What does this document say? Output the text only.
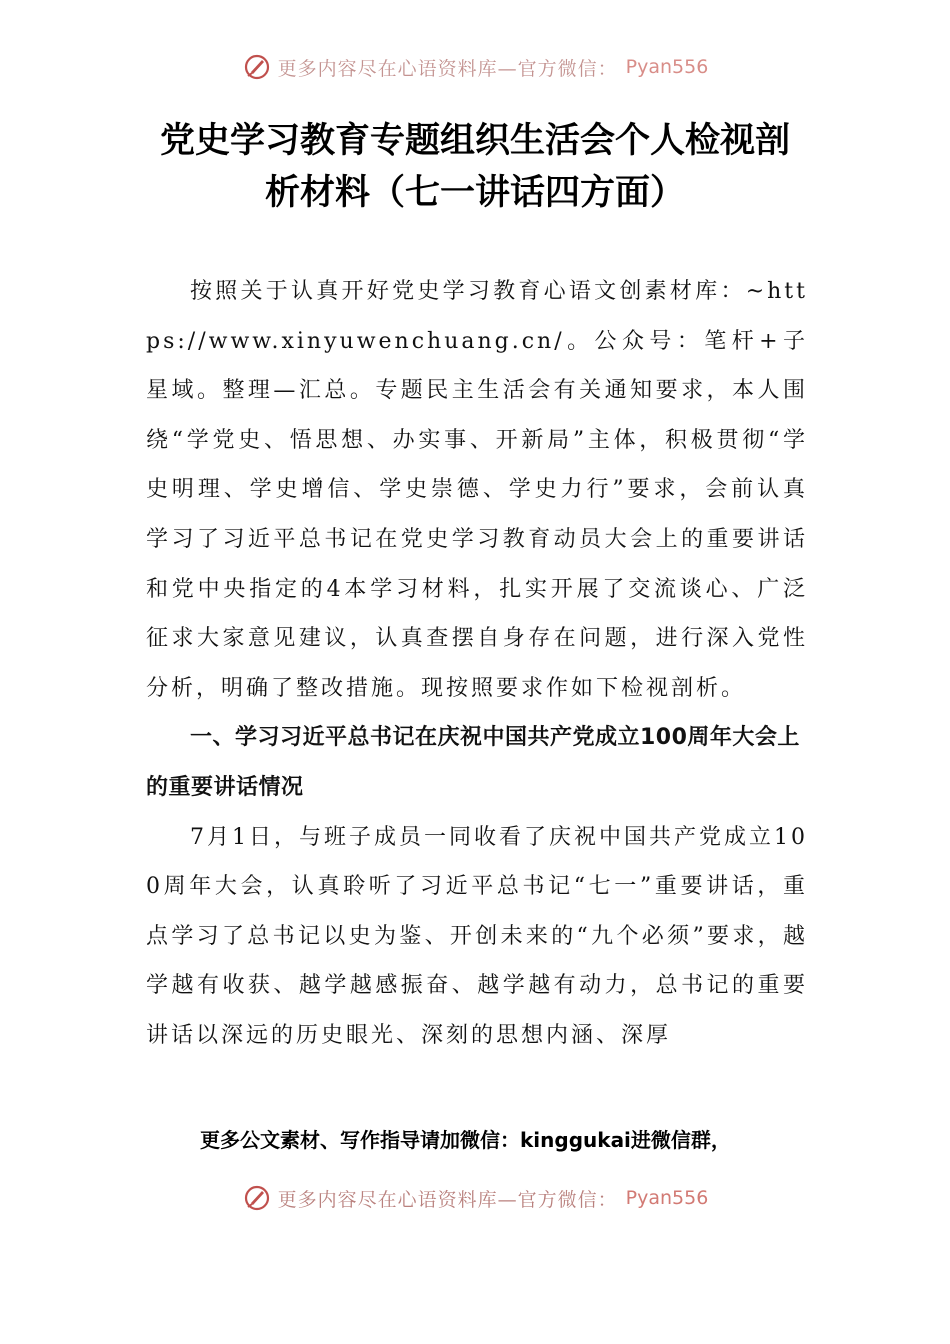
更多内容尽在心语资料库—官方微信： Pyan556
党史学习教育专题组织生活会个人检视剖析材料（七一讲话四方面）

按照关于认真开好党史学习教育心语文创素材库：~https://www.xinyuwenchuang.cn/。公众号：笔杆+子星域。整理—汇总。专题民主生活会有关通知要求，本人围绕“学党史、悟思想、办实事、开新局”主体，积极贯彻“学史明理、学史增信、学史崇德、学史力行”要求，会前认真学习了习近平总书记在党史学习教育动员大会上的重要讲话和党中央指定的4本学习材料，扎实开展了交流谈心、广泛征求大家意见建议，认真查摆自身存在问题，进行深入党性分析，明确了整改措施。现按照要求作如下检视剖析。

一、学习习近平总书记在庆祝中国共产党成立100周年大会上的重要讲话情况

7月1日，与班子成员一同收看了庆祝中国共产党成立100周年大会，认真聆听了习近平总书记“七一”重要讲话，重点学习了总书记以史为鉴、开创未来的“九个必须”要求，越学越有收获、越学越感振奋、越学越有动力，总书记的重要讲话以深远的历史眼光、深刻的思想内涵、深厚

更多公文素材、写作指导请加微信：kinggukai进微信群，
更多内容尽在心语资料库—官方微信： Pyan556
